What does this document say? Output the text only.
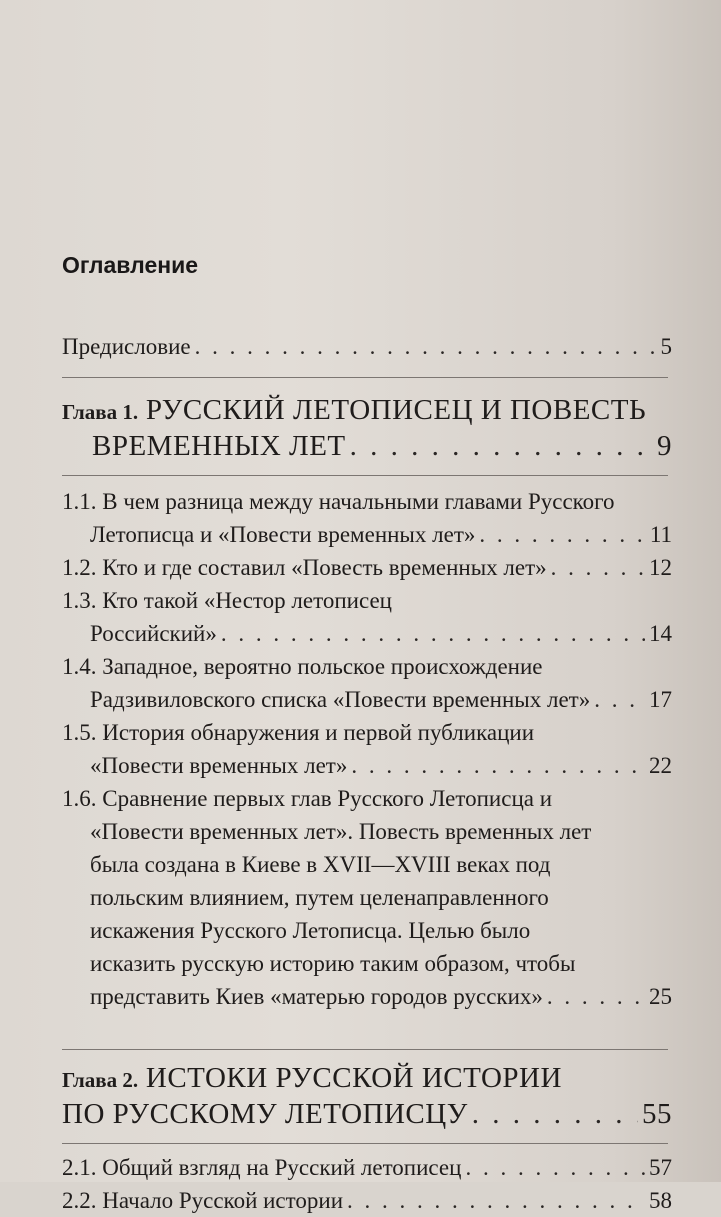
Оглавление
Предисловие . . .	5
Глава 1. РУССКИЙ ЛЕТОПИСЕЦ И ПОВЕСТЬ
ВРЕМЕННЫХ ЛЕТ . . .	9
1.1. В чем разница между начальными главами Русского
Летописца и «Повести временных лет» . . .	11
1.2. Кто и где составил «Повесть временных лет» . . .	12
1.3. Кто такой «Нестор летописец
Российский» . . .	14
1.4. Западное, вероятно польское происхождение
Радзивиловского списка «Повести временных лет» . . .	17
1.5. История обнаружения и первой публикации
«Повести временных лет» . . .	22
1.6. Сравнение первых глав Русского Летописца и
«Повести временных лет». Повесть временных лет
была создана в Киеве в XVII—XVIII веках под
польским влиянием, путем целенаправленного
искажения Русского Летописца. Целью было
исказить русскую историю таким образом, чтобы
представить Киев «матерью городов русских» . . .	25
Глава 2. ИСТОКИ РУССКОЙ ИСТОРИИ
ПО РУССКОМУ ЛЕТОПИСЦУ . . .	55
2.1. Общий взгляд на Русский летописец . . .	57
2.2. Начало Русской истории . . .	58
